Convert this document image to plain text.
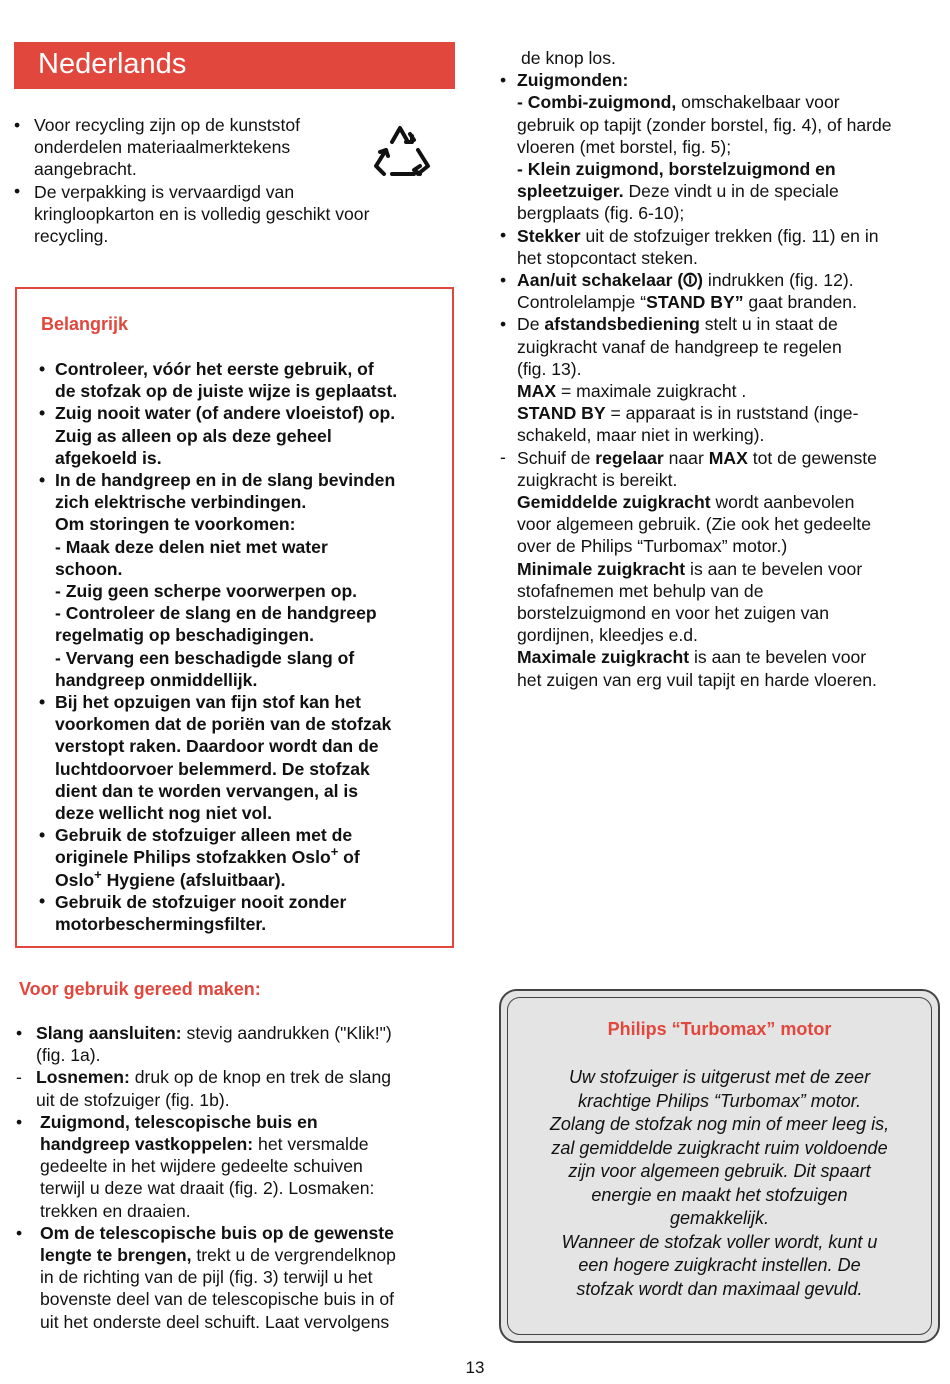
Nederlands
• Voor recycling zijn op de kunststof
onderdelen materiaalmerktekens
aangebracht.
• De verpakking is vervaardigd van
kringloopkarton en is volledig geschikt voor
recycling.
Belangrijk
•
•
•
•
•
•
Controleer, vóór het eerste gebruik, of
de stofzak op de juiste wijze is geplaatst.
Zuig nooit water (of andere vloeistof) op.
Zuig as alleen op als deze geheel
afgekoeld is.
In de handgreep en in de slang bevinden
zich elektrische verbindingen.
Om storingen te voorkomen:
- Maak deze delen niet met water
schoon.
- Zuig geen scherpe voorwerpen op.
- Controleer de slang en de handgreep
regelmatig op beschadigingen.
- Vervang een beschadigde slang of
handgreep onmiddellijk.
Bij het opzuigen van fijn stof kan het
voorkomen dat de poriën van de stofzak
verstopt raken. Daardoor wordt dan de
luchtdoorvoer belemmerd. De stofzak
dient dan te worden vervangen, al is
deze wellicht nog niet vol.
Gebruik de stofzuiger alleen met de
originele Philips stofzakken Oslo+ of
Oslo+ Hygiene (afsluitbaar).
Gebruik de stofzuiger nooit zonder
motorbeschermingsfilter.
Voor gebruik gereed maken:
•
-
•
•
Slang aansluiten: stevig aandrukken ("Klik!")
(fig. 1a).
Losnemen: druk op de knop en trek de slang
uit de stofzuiger (fig. 1b).
Zuigmond, telescopische buis en
handgreep vastkoppelen: het versmalde
gedeelte in het wijdere gedeelte schuiven
terwijl u deze wat draait (fig. 2). Losmaken:
trekken en draaien.
Om de telescopische buis op de gewenste
lengte te brengen, trekt u de vergrendelknop
in de richting van de pijl (fig. 3) terwijl u het
bovenste deel van de telescopische buis in of
uit het onderste deel schuift. Laat vervolgens
•
•
•
•
-
de knop los.
Zuigmonden:
- Combi-zuigmond, omschakelbaar voor
gebruik op tapijt (zonder borstel, fig. 4), of harde
vloeren (met borstel, fig. 5);
- Klein zuigmond, borstelzuigmond en
spleetzuiger. Deze vindt u in de speciale
bergplaats (fig. 6-10);
Stekker uit de stofzuiger trekken (fig. 11) en in
het stopcontact steken.
Aan/uit schakelaar (⏼) indrukken (fig. 12).
Controlelampje “STAND BY” gaat branden.
De afstandsbediening stelt u in staat de
zuigkracht vanaf de handgreep te regelen
(fig. 13).
MAX = maximale zuigkracht .
STAND BY = apparaat is in ruststand (inge-
schakeld, maar niet in werking).
Schuif de regelaar naar MAX tot de gewenste
zuigkracht is bereikt.
Gemiddelde zuigkracht wordt aanbevolen
voor algemeen gebruik. (Zie ook het gedeelte
over de Philips “Turbomax” motor.)
Minimale zuigkracht is aan te bevelen voor
stofafnemen met behulp van de
borstelzuigmond en voor het zuigen van
gordijnen, kleedjes e.d.
Maximale zuigkracht is aan te bevelen voor
het zuigen van erg vuil tapijt en harde vloeren.
Philips “Turbomax” motor
Uw stofzuiger is uitgerust met de zeer
krachtige Philips “Turbomax” motor.
Zolang de stofzak nog min of meer leeg is,
zal gemiddelde zuigkracht ruim voldoende
zijn voor algemeen gebruik. Dit spaart
energie en maakt het stofzuigen
gemakkelijk.
Wanneer de stofzak voller wordt, kunt u
een hogere zuigkracht instellen. De
stofzak wordt dan maximaal gevuld.
13
